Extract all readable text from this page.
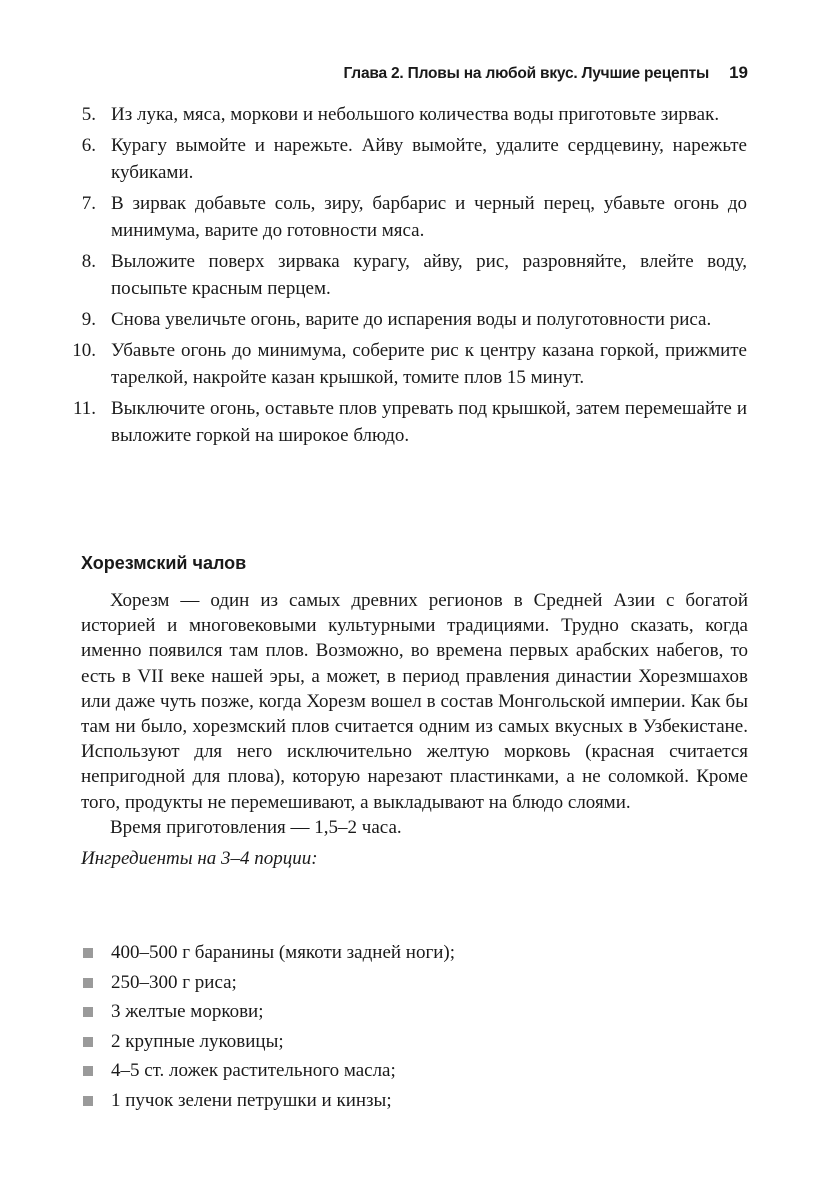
Глава 2. Пловы на любой вкус. Лучшие рецепты 19
5. Из лука, мяса, моркови и небольшого количества воды приготовьте зирвак.
6. Курагу вымойте и нарежьте. Айву вымойте, удалите сердцевину, нарежьте кубиками.
7. В зирвак добавьте соль, зиру, барбарис и черный перец, убавьте огонь до минимума, варите до готовности мяса.
8. Выложите поверх зирвака курагу, айву, рис, разровняйте, влейте воду, посыпьте красным перцем.
9. Снова увеличьте огонь, варите до испарения воды и полуготовности риса.
10. Убавьте огонь до минимума, соберите рис к центру казана горкой, прижмите тарелкой, накройте казан крышкой, томите плов 15 минут.
11. Выключите огонь, оставьте плов упревать под крышкой, затем перемешайте и выложите горкой на широкое блюдо.
Хорезмский чалов

Хорезм — один из самых древних регионов в Средней Азии с богатой историей и многовековыми культурными традициями. Трудно сказать, когда именно появился там плов. Возможно, во времена первых арабских набегов, то есть в VII веке нашей эры, а может, в период правления династии Хорезмшахов или даже чуть позже, когда Хорезм вошел в состав Монгольской империи. Как бы там ни было, хорезмский плов считается одним из самых вкусных в Узбекистане. Используют для него исключительно желтую морковь (красная считается непригодной для плова), которую нарезают пластинками, а не соломкой. Кроме того, продукты не перемешивают, а выкладывают на блюдо слоями.

Время приготовления — 1,5–2 часа.

Ингредиенты на 3–4 порции:

400–500 г баранины (мякоти задней ноги);
250–300 г риса;
3 желтые моркови;
2 крупные луковицы;
4–5 ст. ложек растительного масла;
1 пучок зелени петрушки и кинзы;
